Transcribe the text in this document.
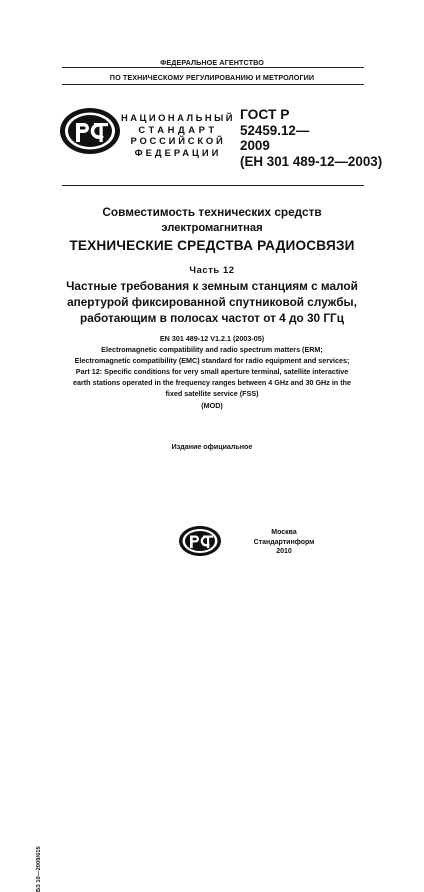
ФЕДЕРАЛЬНОЕ АГЕНТСТВО
ПО ТЕХНИЧЕСКОМУ РЕГУЛИРОВАНИЮ И МЕТРОЛОГИИ
НАЦИОНАЛЬНЫЙ
СТАНДАРТ
РОССИЙСКОЙ
ФЕДЕРАЦИИ
ГОСТ Р
52459.12—
2009
(ЕН 301 489-12—2003)
Совместимость технических средств
электромагнитная
ТЕХНИЧЕСКИЕ СРЕДСТВА РАДИОСВЯЗИ
Часть 12
Частные требования к земным станциям с малой
апертурой фиксированной спутниковой службы,
работающим в полосах частот от 4 до 30 ГГц
EN 301 489-12 V1.2.1 (2003-05)
Electromagnetic compatibility and radio spectrum matters (ERM;
Electromagnetic compatibility (EMC) standard for radio equipment and services;
Part 12: Specific conditions for very small aperture terminal, satellite interactive
earth stations operated in the frequency ranges between 4 GHz and 30 GHz in the
fixed satellite service (FSS)
(MOD)
Издание официальное
БЗ 10—2009/615
Москва
Стандартинформ
2010
